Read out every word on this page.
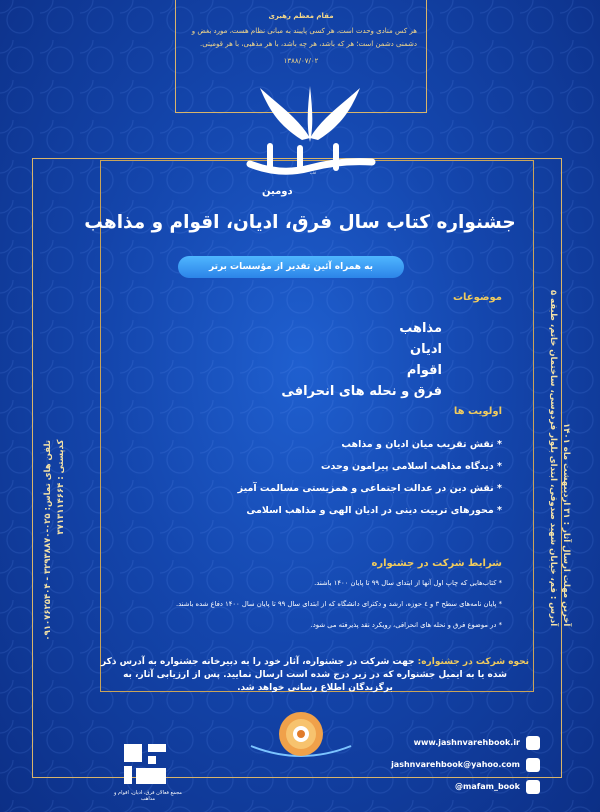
مقام معظم رهبری
هر کس منادی وحدت است، هر کسی پایبند به مبانی نظام هست، مورد بغض و دشمنی دشمن است؛ هر که باشد، هر چه باشد، با هر مذهبی، با هر قومیتی.
۱۳۸۸/۰۷/۰۲
کتاب
دومین
جشنواره کتاب سال فرق، ادیان، اقوام و مذاهب
به همراه آئین تقدیر از مؤسسات برتر
موضوعات
مذاهب
ادیان
اقوام
فرق و نحله های انحرافی
اولویت ها
* نقش تقریب میان ادیان و مذاهب
* دیدگاه مذاهب اسلامی پیرامون وحدت
* نقش دین در عدالت اجتماعی و همزیستی مسالمت آمیز
* محورهای تربیت دینی در ادیان الهی و مذاهب اسلامی
شرایط شرکت در جشنواره
* کتاب‌هایی که چاپ اول آنها از ابتدای سال ۹۹ تا پایان ۱۴۰۰ باشند.
* پایان نامه‌های سطح ۳ و ٤ حوزه، ارشد و دکترای دانشگاه که از ابتدای سال ۹۹ تا پایان سال ۱۴۰۰ دفاع شده باشند.
* در موضوع فرق و نحله های انحرافی، رویکرد نقد پذیرفته می شود.
نحوه شرکت در جشنواره: جهت شرکت در جشنواره، آثار خود را به دبیرخانه جشنواره به آدرس ذکر شده یا به ایمیل جشنواره که در زیر درج شده است ارسال نمایید. پس از ارزیابی آثار، به برگزیدگان اطلاع رسانی خواهد شد.
آخرین مهلت ارسال آثار : ۳۱ اردیبهشت ماه ۱۴۰۱
آدرس : قم، خیابان شهید صدوقی، ابتدای بلوار فردوسی، ساختمان خاتم، طبقه ۵
تلفن های تماس: ۰۲۵-۳۲۹۳۸۸۷۰ - ۰۹۱۰۷۶۲۵۴۰۴ کدپستی : ۳۷۱۳۱۱۴۶۶۴
مجمع فعالان فرق، ادیان، اقوام و مذاهب
www.jashnvarehbook.ir
jashnvarehbook@yahoo.com
@mafam_book
